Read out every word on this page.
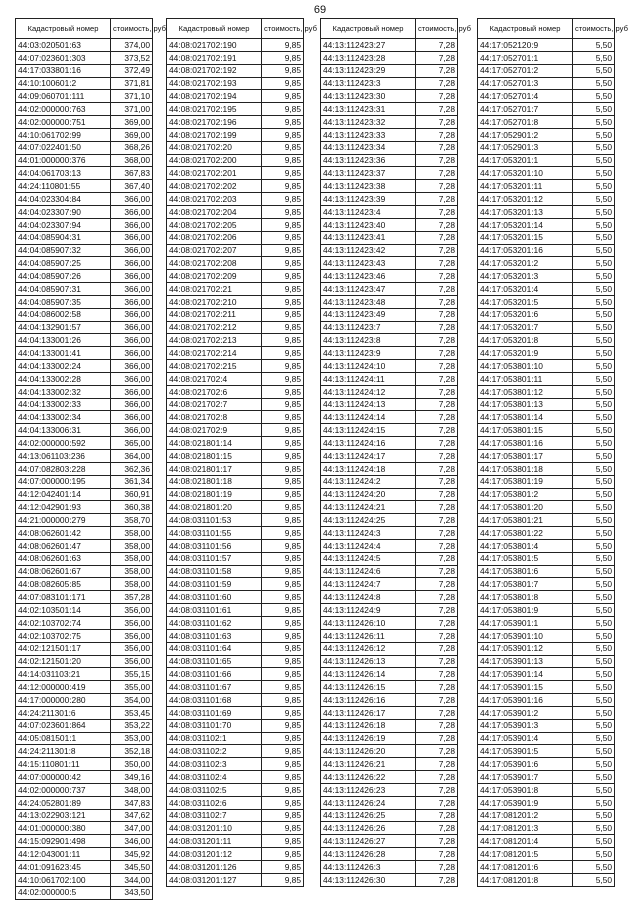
69
Кадастровый номер	стоимость, руб
44:03:020501:63	374,00
44:07:023601:303	373,52
44:17:033801:16	372,49
44:10:100601:2	371,81
44:09:060701:111	371,10
44:02:000000:763	371,00
44:02:000000:751	369,00
44:10:061702:99	369,00
44:07:022401:50	368,26
44:01:000000:376	368,00
44:04:061703:13	367,83
44:24:110801:55	367,40
44:04:023304:84	366,00
44:04:023307:90	366,00
44:04:023307:94	366,00
44:04:085904:31	366,00
44:04:085907:32	366,00
44:04:085907:25	366,00
44:04:085907:26	366,00
44:04:085907:31	366,00
44:04:085907:35	366,00
44:04:086002:58	366,00
44:04:132901:57	366,00
44:04:133001:26	366,00
44:04:133001:41	366,00
44:04:133002:24	366,00
44:04:133002:28	366,00
44:04:133002:32	366,00
44:04:133002:33	366,00
44:04:133002:34	366,00
44:04:133006:31	366,00
44:02:000000:592	365,00
44:13:061103:236	364,00
44:07:082803:228	362,36
44:07:000000:195	361,34
44:12:042401:14	360,91
44:12:042901:93	360,38
44:21:000000:279	358,70
44:08:062601:42	358,00
44:08:062601:47	358,00
44:08:062601:63	358,00
44:08:062601:67	358,00
44:08:082605:85	358,00
44:07:083101:171	357,28
44:02:103501:14	356,00
44:02:103702:74	356,00
44:02:103702:75	356,00
44:02:121501:17	356,00
44:02:121501:20	356,00
44:14:031103:21	355,15
44:12:000000:419	355,00
44:17:000000:280	354,00
44:24:211301:6	353,45
44:07:023601:864	353,22
44:05:081501:1	353,00
44:24:211301:8	352,18
44:15:110801:11	350,00
44:07:000000:42	349,16
44:02:000000:737	348,00
44:24:052801:89	347,83
44:13:022903:121	347,62
44:01:000000:380	347,00
44:15:092901:498	346,00
44:12:043001:11	345,92
44:01:091623:45	345,50
44:10:061702:100	344,00
44:02:000000:5	343,50
Кадастровый номер	стоимость, руб
44:08:021702:190	9,85
44:08:021702:191	9,85
44:08:021702:192	9,85
44:08:021702:193	9,85
44:08:021702:194	9,85
44:08:021702:195	9,85
44:08:021702:196	9,85
44:08:021702:199	9,85
44:08:021702:20	9,85
44:08:021702:200	9,85
44:08:021702:201	9,85
44:08:021702:202	9,85
44:08:021702:203	9,85
44:08:021702:204	9,85
44:08:021702:205	9,85
44:08:021702:206	9,85
44:08:021702:207	9,85
44:08:021702:208	9,85
44:08:021702:209	9,85
44:08:021702:21	9,85
44:08:021702:210	9,85
44:08:021702:211	9,85
44:08:021702:212	9,85
44:08:021702:213	9,85
44:08:021702:214	9,85
44:08:021702:215	9,85
44:08:021702:4	9,85
44:08:021702:6	9,85
44:08:021702:7	9,85
44:08:021702:8	9,85
44:08:021702:9	9,85
44:08:021801:14	9,85
44:08:021801:15	9,85
44:08:021801:17	9,85
44:08:021801:18	9,85
44:08:021801:19	9,85
44:08:021801:20	9,85
44:08:031101:53	9,85
44:08:031101:55	9,85
44:08:031101:56	9,85
44:08:031101:57	9,85
44:08:031101:58	9,85
44:08:031101:59	9,85
44:08:031101:60	9,85
44:08:031101:61	9,85
44:08:031101:62	9,85
44:08:031101:63	9,85
44:08:031101:64	9,85
44:08:031101:65	9,85
44:08:031101:66	9,85
44:08:031101:67	9,85
44:08:031101:68	9,85
44:08:031101:69	9,85
44:08:031101:70	9,85
44:08:031102:1	9,85
44:08:031102:2	9,85
44:08:031102:3	9,85
44:08:031102:4	9,85
44:08:031102:5	9,85
44:08:031102:6	9,85
44:08:031102:7	9,85
44:08:031201:10	9,85
44:08:031201:11	9,85
44:08:031201:12	9,85
44:08:031201:126	9,85
44:08:031201:127	9,85
Кадастровый номер	стоимость, руб
44:13:112423:27	7,28
44:13:112423:28	7,28
44:13:112423:29	7,28
44:13:112423:3	7,28
44:13:112423:30	7,28
44:13:112423:31	7,28
44:13:112423:32	7,28
44:13:112423:33	7,28
44:13:112423:34	7,28
44:13:112423:36	7,28
44:13:112423:37	7,28
44:13:112423:38	7,28
44:13:112423:39	7,28
44:13:112423:4	7,28
44:13:112423:40	7,28
44:13:112423:41	7,28
44:13:112423:42	7,28
44:13:112423:43	7,28
44:13:112423:46	7,28
44:13:112423:47	7,28
44:13:112423:48	7,28
44:13:112423:49	7,28
44:13:112423:7	7,28
44:13:112423:8	7,28
44:13:112423:9	7,28
44:13:112424:10	7,28
44:13:112424:11	7,28
44:13:112424:12	7,28
44:13:112424:13	7,28
44:13:112424:14	7,28
44:13:112424:15	7,28
44:13:112424:16	7,28
44:13:112424:17	7,28
44:13:112424:18	7,28
44:13:112424:2	7,28
44:13:112424:20	7,28
44:13:112424:21	7,28
44:13:112424:25	7,28
44:13:112424:3	7,28
44:13:112424:4	7,28
44:13:112424:5	7,28
44:13:112424:6	7,28
44:13:112424:7	7,28
44:13:112424:8	7,28
44:13:112424:9	7,28
44:13:112426:10	7,28
44:13:112426:11	7,28
44:13:112426:12	7,28
44:13:112426:13	7,28
44:13:112426:14	7,28
44:13:112426:15	7,28
44:13:112426:16	7,28
44:13:112426:17	7,28
44:13:112426:18	7,28
44:13:112426:19	7,28
44:13:112426:20	7,28
44:13:112426:21	7,28
44:13:112426:22	7,28
44:13:112426:23	7,28
44:13:112426:24	7,28
44:13:112426:25	7,28
44:13:112426:26	7,28
44:13:112426:27	7,28
44:13:112426:28	7,28
44:13:112426:3	7,28
44:13:112426:30	7,28
Кадастровый номер	стоимость, руб
44:17:052120:9	5,50
44:17:052701:1	5,50
44:17:052701:2	5,50
44:17:052701:3	5,50
44:17:052701:4	5,50
44:17:052701:7	5,50
44:17:052701:8	5,50
44:17:052901:2	5,50
44:17:052901:3	5,50
44:17:053201:1	5,50
44:17:053201:10	5,50
44:17:053201:11	5,50
44:17:053201:12	5,50
44:17:053201:13	5,50
44:17:053201:14	5,50
44:17:053201:15	5,50
44:17:053201:16	5,50
44:17:053201:2	5,50
44:17:053201:3	5,50
44:17:053201:4	5,50
44:17:053201:5	5,50
44:17:053201:6	5,50
44:17:053201:7	5,50
44:17:053201:8	5,50
44:17:053201:9	5,50
44:17:053801:10	5,50
44:17:053801:11	5,50
44:17:053801:12	5,50
44:17:053801:13	5,50
44:17:053801:14	5,50
44:17:053801:15	5,50
44:17:053801:16	5,50
44:17:053801:17	5,50
44:17:053801:18	5,50
44:17:053801:19	5,50
44:17:053801:2	5,50
44:17:053801:20	5,50
44:17:053801:21	5,50
44:17:053801:22	5,50
44:17:053801:4	5,50
44:17:053801:5	5,50
44:17:053801:6	5,50
44:17:053801:7	5,50
44:17:053801:8	5,50
44:17:053801:9	5,50
44:17:053901:1	5,50
44:17:053901:10	5,50
44:17:053901:12	5,50
44:17:053901:13	5,50
44:17:053901:14	5,50
44:17:053901:15	5,50
44:17:053901:16	5,50
44:17:053901:2	5,50
44:17:053901:3	5,50
44:17:053901:4	5,50
44:17:053901:5	5,50
44:17:053901:6	5,50
44:17:053901:7	5,50
44:17:053901:8	5,50
44:17:053901:9	5,50
44:17:081201:2	5,50
44:17:081201:3	5,50
44:17:081201:4	5,50
44:17:081201:5	5,50
44:17:081201:6	5,50
44:17:081201:8	5,50
